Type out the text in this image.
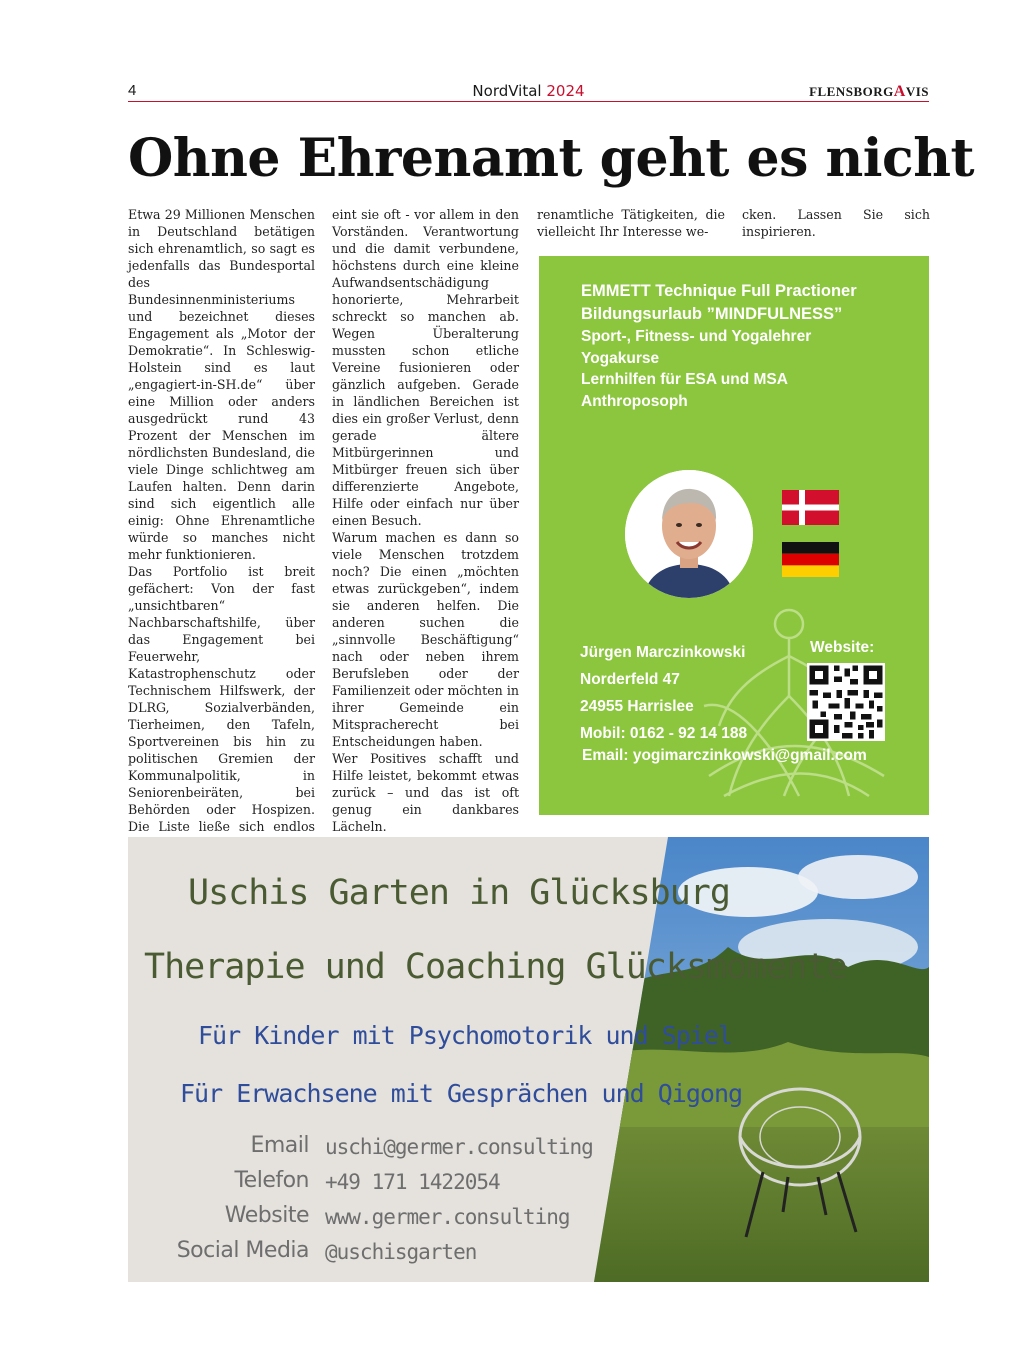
4	NordVital 2024	FLENSBORGAVIS
Ohne Ehrenamt geht es nicht

Etwa 29 Millionen Menschen in Deutschland betätigen sich ehrenamtlich, so sagt es jedenfalls das Bundesportal des Bundesinnenministeriums und bezeichnet dieses Engagement als „Motor der Demokratie“. In Schleswig-Holstein sind es laut „engagiert-in-SH.de“ über eine Million oder anders ausgedrückt rund 43 Prozent der Menschen im nördlichsten Bundesland, die viele Dinge schlichtweg am Laufen halten. Denn darin sind sich eigentlich alle einig: Ohne Ehrenamtliche würde so manches nicht mehr funktionieren.

Das Portfolio ist breit gefächert: Von der fast „unsichtbaren“ Nachbarschaftshilfe, über das Engagement bei Feuerwehr, Katastrophenschutz oder Technischem Hilfswerk, der DLRG, Sozialverbänden, Tierheimen, den Tafeln, Sportvereinen bis hin zu politischen Gremien der Kommunalpolitik, in Seniorenbeiräten, bei Behörden oder Hospizen. Die Liste ließe sich endlos

eint sie oft - vor allem in den Vorständen. Verantwortung und die damit verbundene, höchstens durch eine kleine Aufwandsentschädigung honorierte, Mehrarbeit schreckt so manchen ab. Wegen Überalterung mussten schon etliche Vereine fusionieren oder gänzlich aufgeben. Gerade in ländlichen Bereichen ist dies ein großer Verlust, denn gerade ältere Mitbürgerinnen und Mitbürger freuen sich über differenzierte Angebote, Hilfe oder einfach nur über einen Besuch.

Warum machen es dann so viele Menschen trotzdem noch? Die einen „möchten etwas zurückgeben“, indem sie anderen helfen. Die anderen suchen die „sinnvolle Beschäftigung“ nach oder neben ihrem Berufsleben oder der Familienzeit oder möchten in ihrer Gemeinde ein Mitspracherecht bei Entscheidungen haben.

Wer Positives schafft und Hilfe leistet, bekommt etwas zurück – und das ist oft genug ein dankbares Lächeln.

renamtliche Tätigkeiten, die vielleicht Ihr Interesse we-

cken. Lassen Sie sich inspirieren.

EMMETT Technique Full Practioner
Bildungsurlaub ”MINDFULNESS”
Sport-, Fitness- und Yogalehrer
Yogakurse
Lernhilfen für ESA und MSA
Anthroposoph
Jürgen Marczinkowski
Norderfeld 47
24955 Harrislee
Mobil: 0162 - 92 14 188
Email: yogimarczinkowski@gmail.com
Website:
Uschis Garten in Glücksburg
Therapie und Coaching Glücksmomente
Für Kinder mit Psychomotorik und Spiel
Für Erwachsene mit Gesprächen und Qigong
Email uschi@germer.consulting
Telefon +49 171 1422054
Website www.germer.consulting
Social Media @uschisgarten
